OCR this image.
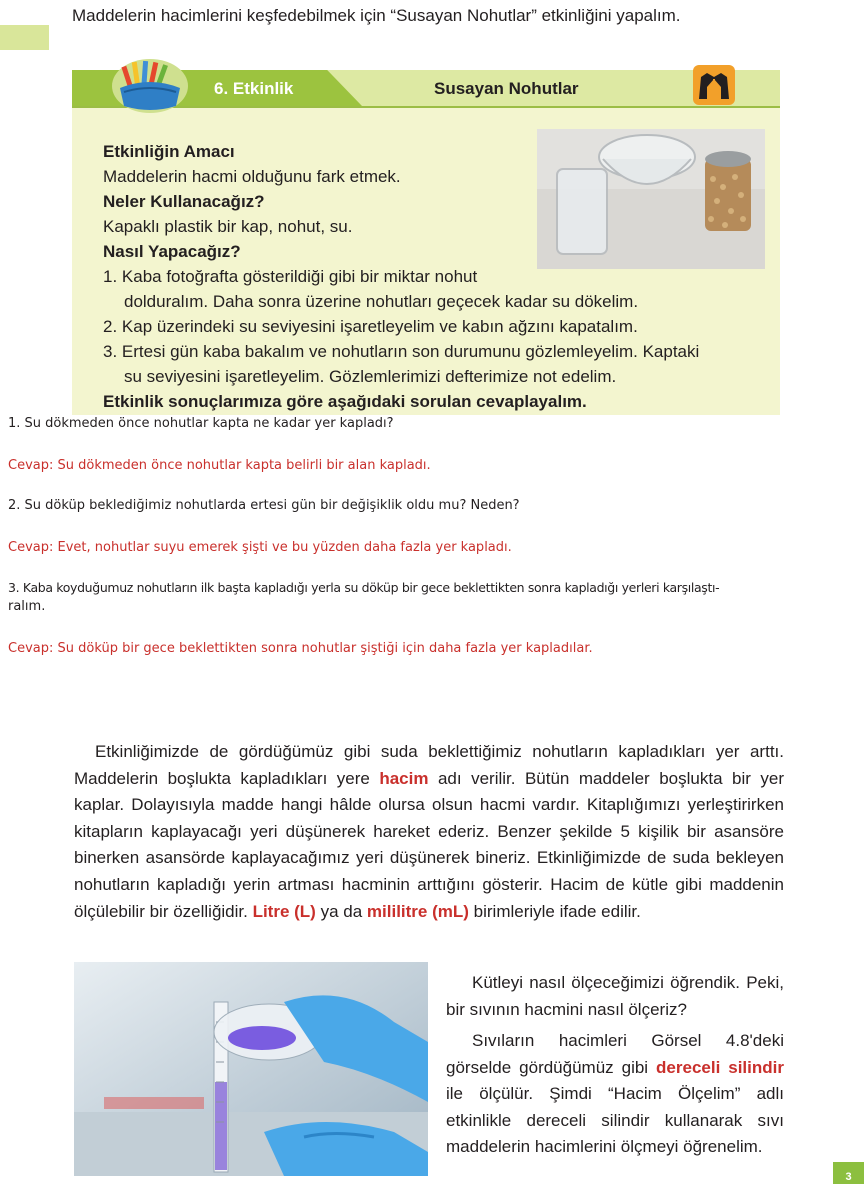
Maddelerin hacimlerini keşfedebilmek için “Susayan Nohutlar” etkinliğini yapalım.
6. Etkinlik	Susayan Nohutlar
Etkinliğin Amacı
Maddelerin hacmi olduğunu fark etmek.
Neler Kullanacağız?
Kapaklı plastik bir kap, nohut, su.
Nasıl Yapacağız?
1. Kaba fotoğrafta gösterildiği gibi bir miktar nohut
dolduralım. Daha sonra üzerine nohutları geçecek kadar su dökelim.
2. Kap üzerindeki su seviyesini işaretleyelim ve kabın ağzını kapatalım.
3. Ertesi gün kaba bakalım ve nohutların son durumunu gözlemleyelim. Kaptaki
su seviyesini işaretleyelim. Gözlemlerimizi defterimize not edelim.
Etkinlik sonuçlarımıza göre aşağıdaki sorulan cevaplayalım.
1. Su dökmeden önce nohutlar kapta ne kadar yer kapladı?
Cevap: Su dökmeden önce nohutlar kapta belirli bir alan kapladı.
2. Su döküp beklediğimiz nohutlarda ertesi gün bir değişiklik oldu mu? Neden?
Cevap: Evet, nohutlar suyu emerek şişti ve bu yüzden daha fazla yer kapladı.
3. Kaba koyduğumuz nohutların ilk başta kapladığı yerla su döküp bir gece beklettikten sonra kapladığı yerleri karşılaştı-
ralım.
Cevap: Su döküp bir gece beklettikten sonra nohutlar şiştiği için daha fazla yer kapladılar.
Etkinliğimizde de gördüğümüz gibi suda beklettiğimiz nohutların kapladıkları yer arttı. Maddelerin boşlukta kapladıkları yere hacim adı verilir. Bütün maddeler boşlukta bir yer kaplar. Dolayısıyla madde hangi hâlde olursa olsun hacmi vardır. Kitaplığımızı yerleştirirken kitapların kaplayacağı yeri düşünerek hareket ederiz. Benzer şekilde 5 kişilik bir asansöre binerken asansörde kaplayacağımız yeri düşünerek bineriz. Etkinliğimizde de suda bekleyen nohutların kapladığı yerin artması hacminin arttığını gösterir. Hacim de kütle gibi maddenin ölçülebilir bir özelliğidir. Litre (L) ya da mililitre (mL) birimleriyle ifade edilir.
Kütleyi nasıl ölçeceğimizi öğrendik. Peki, bir sıvının hacmini nasıl ölçeriz?
Sıvıların hacimleri Görsel 4.8'deki görselde gördüğümüz gibi dereceli silindir ile ölçülür. Şimdi “Hacim Ölçelim” adlı etkinlikle dereceli silindir kullanarak sıvı maddelerin hacimlerini ölçmeyi öğrenelim.
3
